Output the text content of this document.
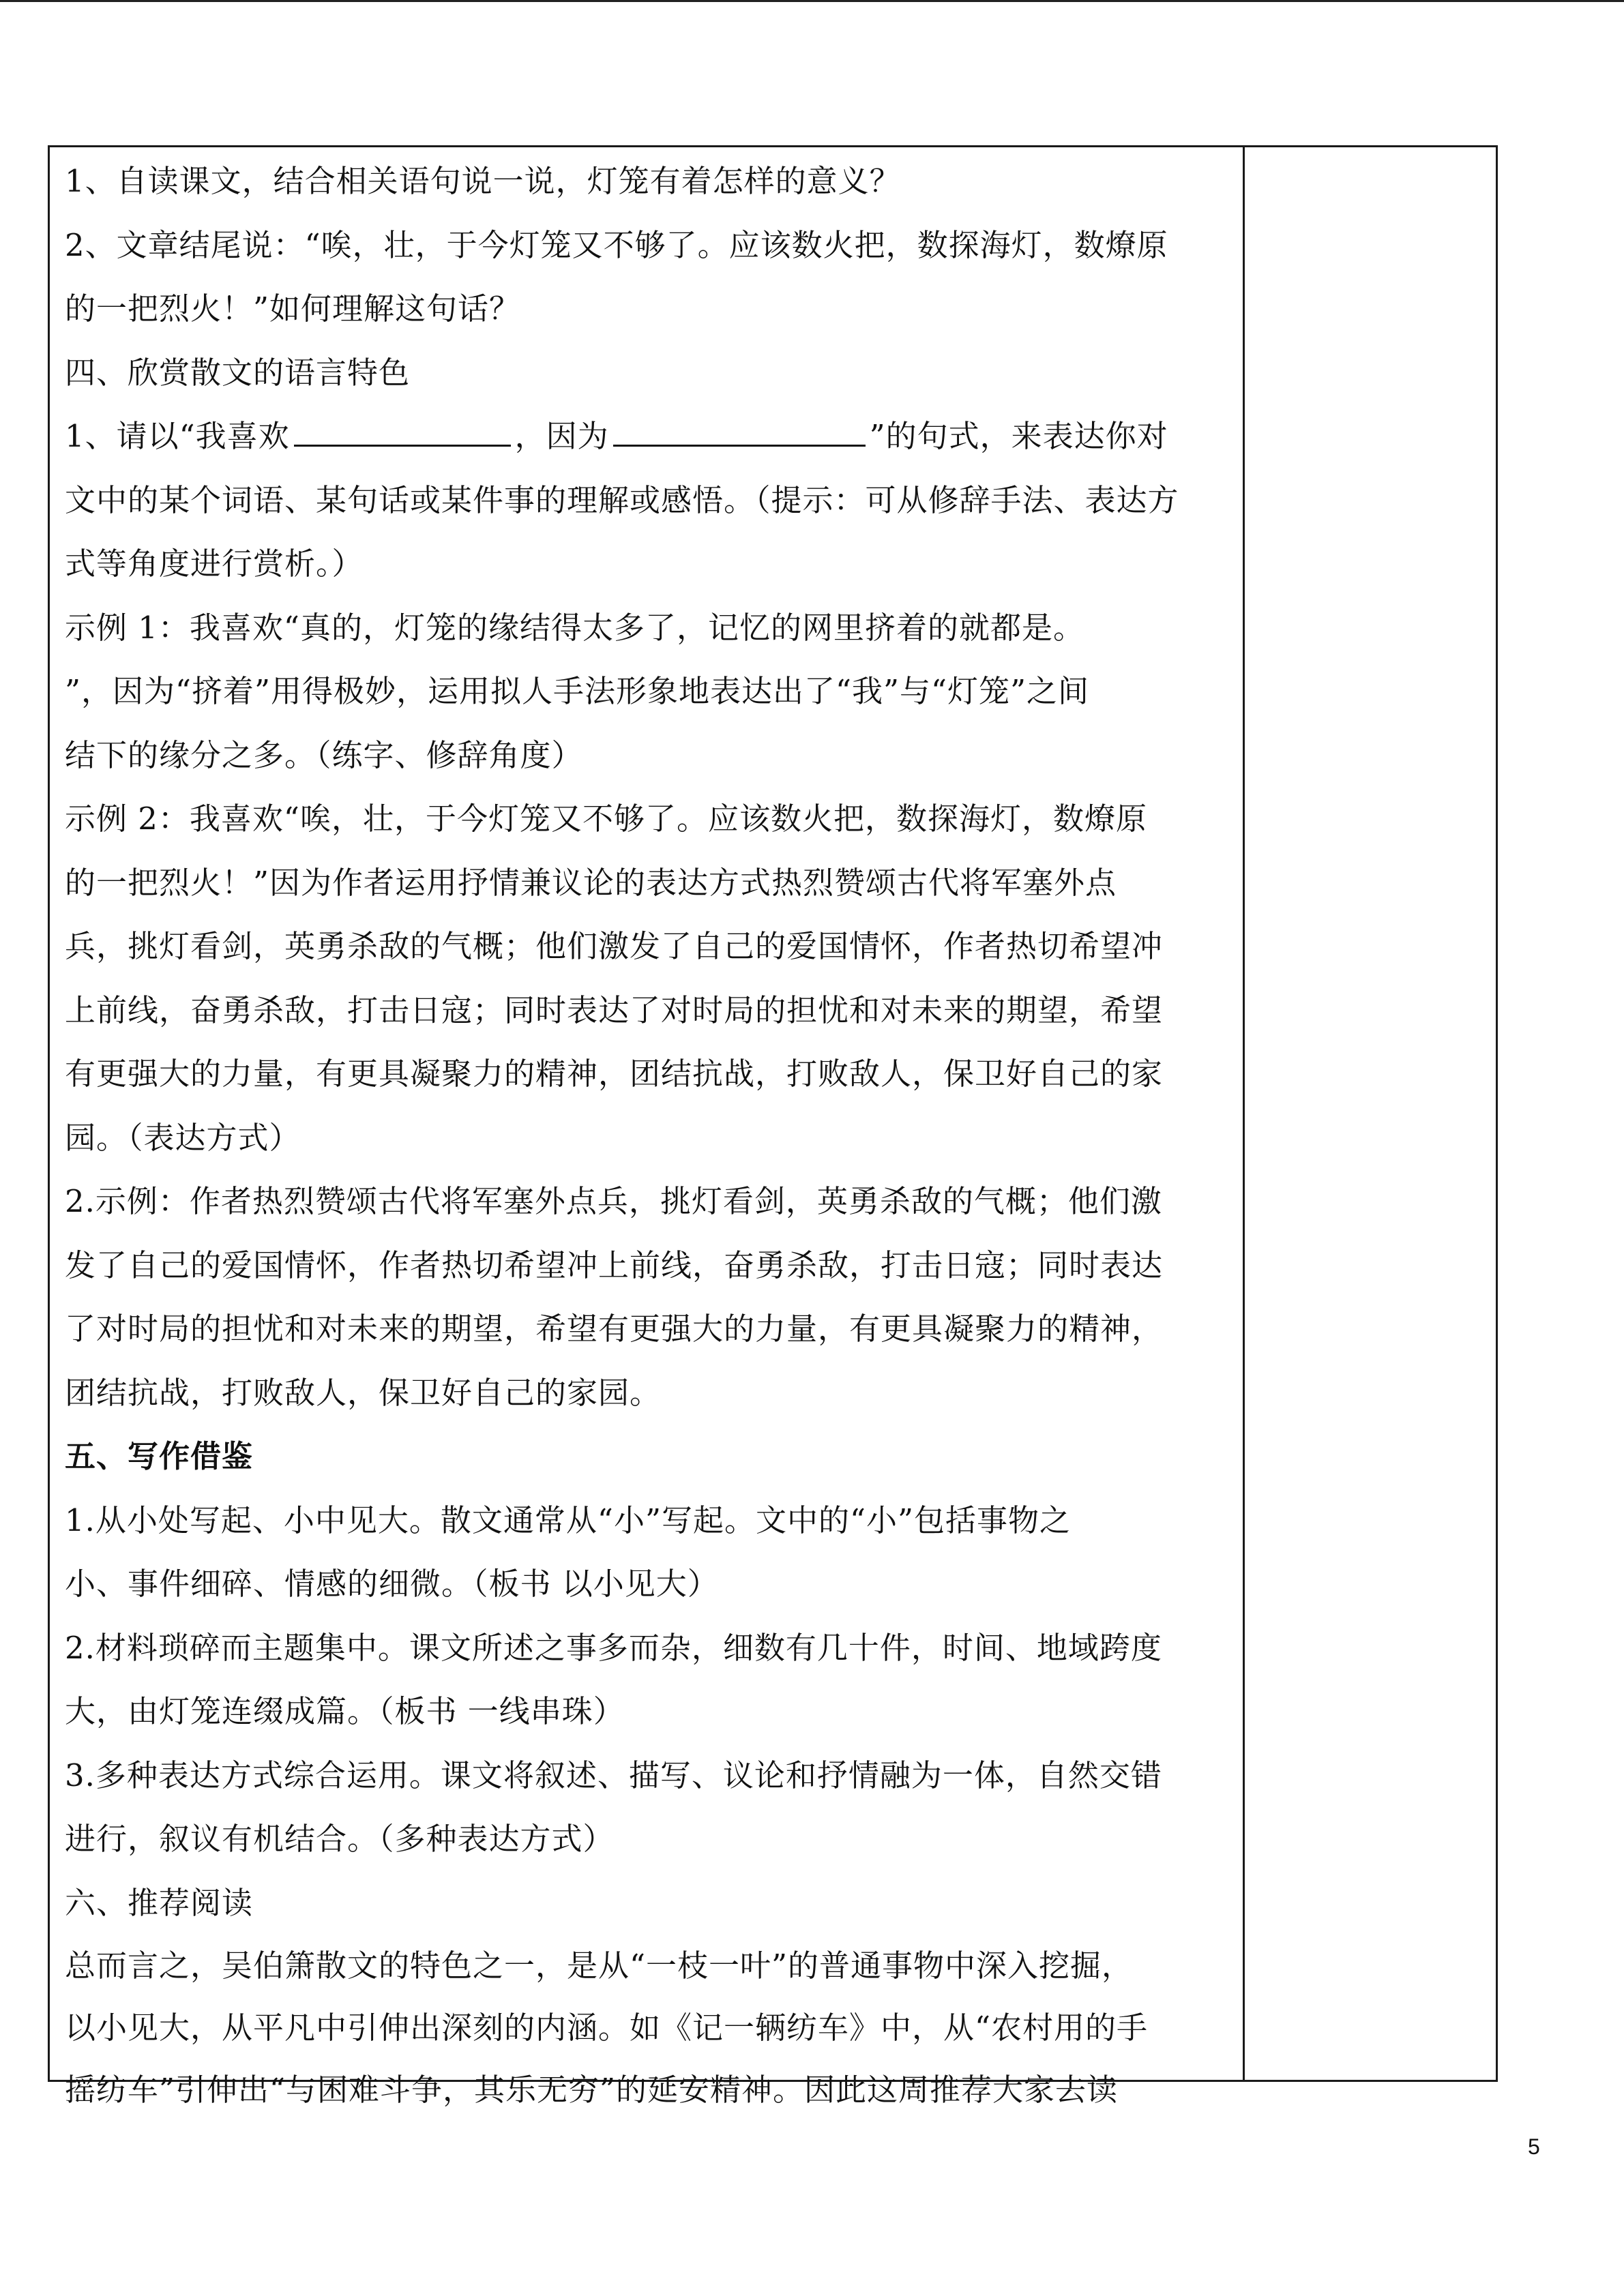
1、自读课文，结合相关语句说一说，灯笼有着怎样的意义？
2、文章结尾说：“唉，壮，于今灯笼又不够了。应该数火把，数探海灯，数燎原
的一把烈火！”如何理解这句话？
四、欣赏散文的语言特色
1、请以“我喜欢	，因为	”的句式，来表达你对
文中的某个词语、某句话或某件事的理解或感悟。（提示：可从修辞手法、表达方
式等角度进行赏析。）
示例 1：我喜欢“真的，灯笼的缘结得太多了，记忆的网里挤着的就都是。
”，因为“挤着”用得极妙，运用拟人手法形象地表达出了“我”与“灯笼”之间
结下的缘分之多。（练字、修辞角度）
示例 2：我喜欢“唉，壮，于今灯笼又不够了。应该数火把，数探海灯，数燎原
的一把烈火！”因为作者运用抒情兼议论的表达方式热烈赞颂古代将军塞外点
兵，挑灯看剑，英勇杀敌的气概；他们激发了自己的爱国情怀，作者热切希望冲
上前线，奋勇杀敌，打击日寇；同时表达了对时局的担忧和对未来的期望，希望
有更强大的力量，有更具凝聚力的精神，团结抗战，打败敌人，保卫好自己的家
园。（表达方式）
2.示例：作者热烈赞颂古代将军塞外点兵，挑灯看剑，英勇杀敌的气概；他们激
发了自己的爱国情怀，作者热切希望冲上前线，奋勇杀敌，打击日寇；同时表达
了对时局的担忧和对未来的期望，希望有更强大的力量，有更具凝聚力的精神，
团结抗战，打败敌人，保卫好自己的家园。
五、写作借鉴
1.从小处写起、小中见大。散文通常从“小”写起。文中的“小”包括事物之
小、事件细碎、情感的细微。（板书 以小见大）
2.材料琐碎而主题集中。课文所述之事多而杂，细数有几十件，时间、地域跨度
大，由灯笼连缀成篇。（板书 一线串珠）
3.多种表达方式综合运用。课文将叙述、描写、议论和抒情融为一体，自然交错
进行，叙议有机结合。（多种表达方式）
六、推荐阅读
总而言之，吴伯箫散文的特色之一，是从“一枝一叶”的普通事物中深入挖掘，
以小见大，从平凡中引伸出深刻的内涵。如《记一辆纺车》中，从“农村用的手
摇纺车”引伸出“与困难斗争，其乐无穷”的延安精神。因此这周推荐大家去读
5
